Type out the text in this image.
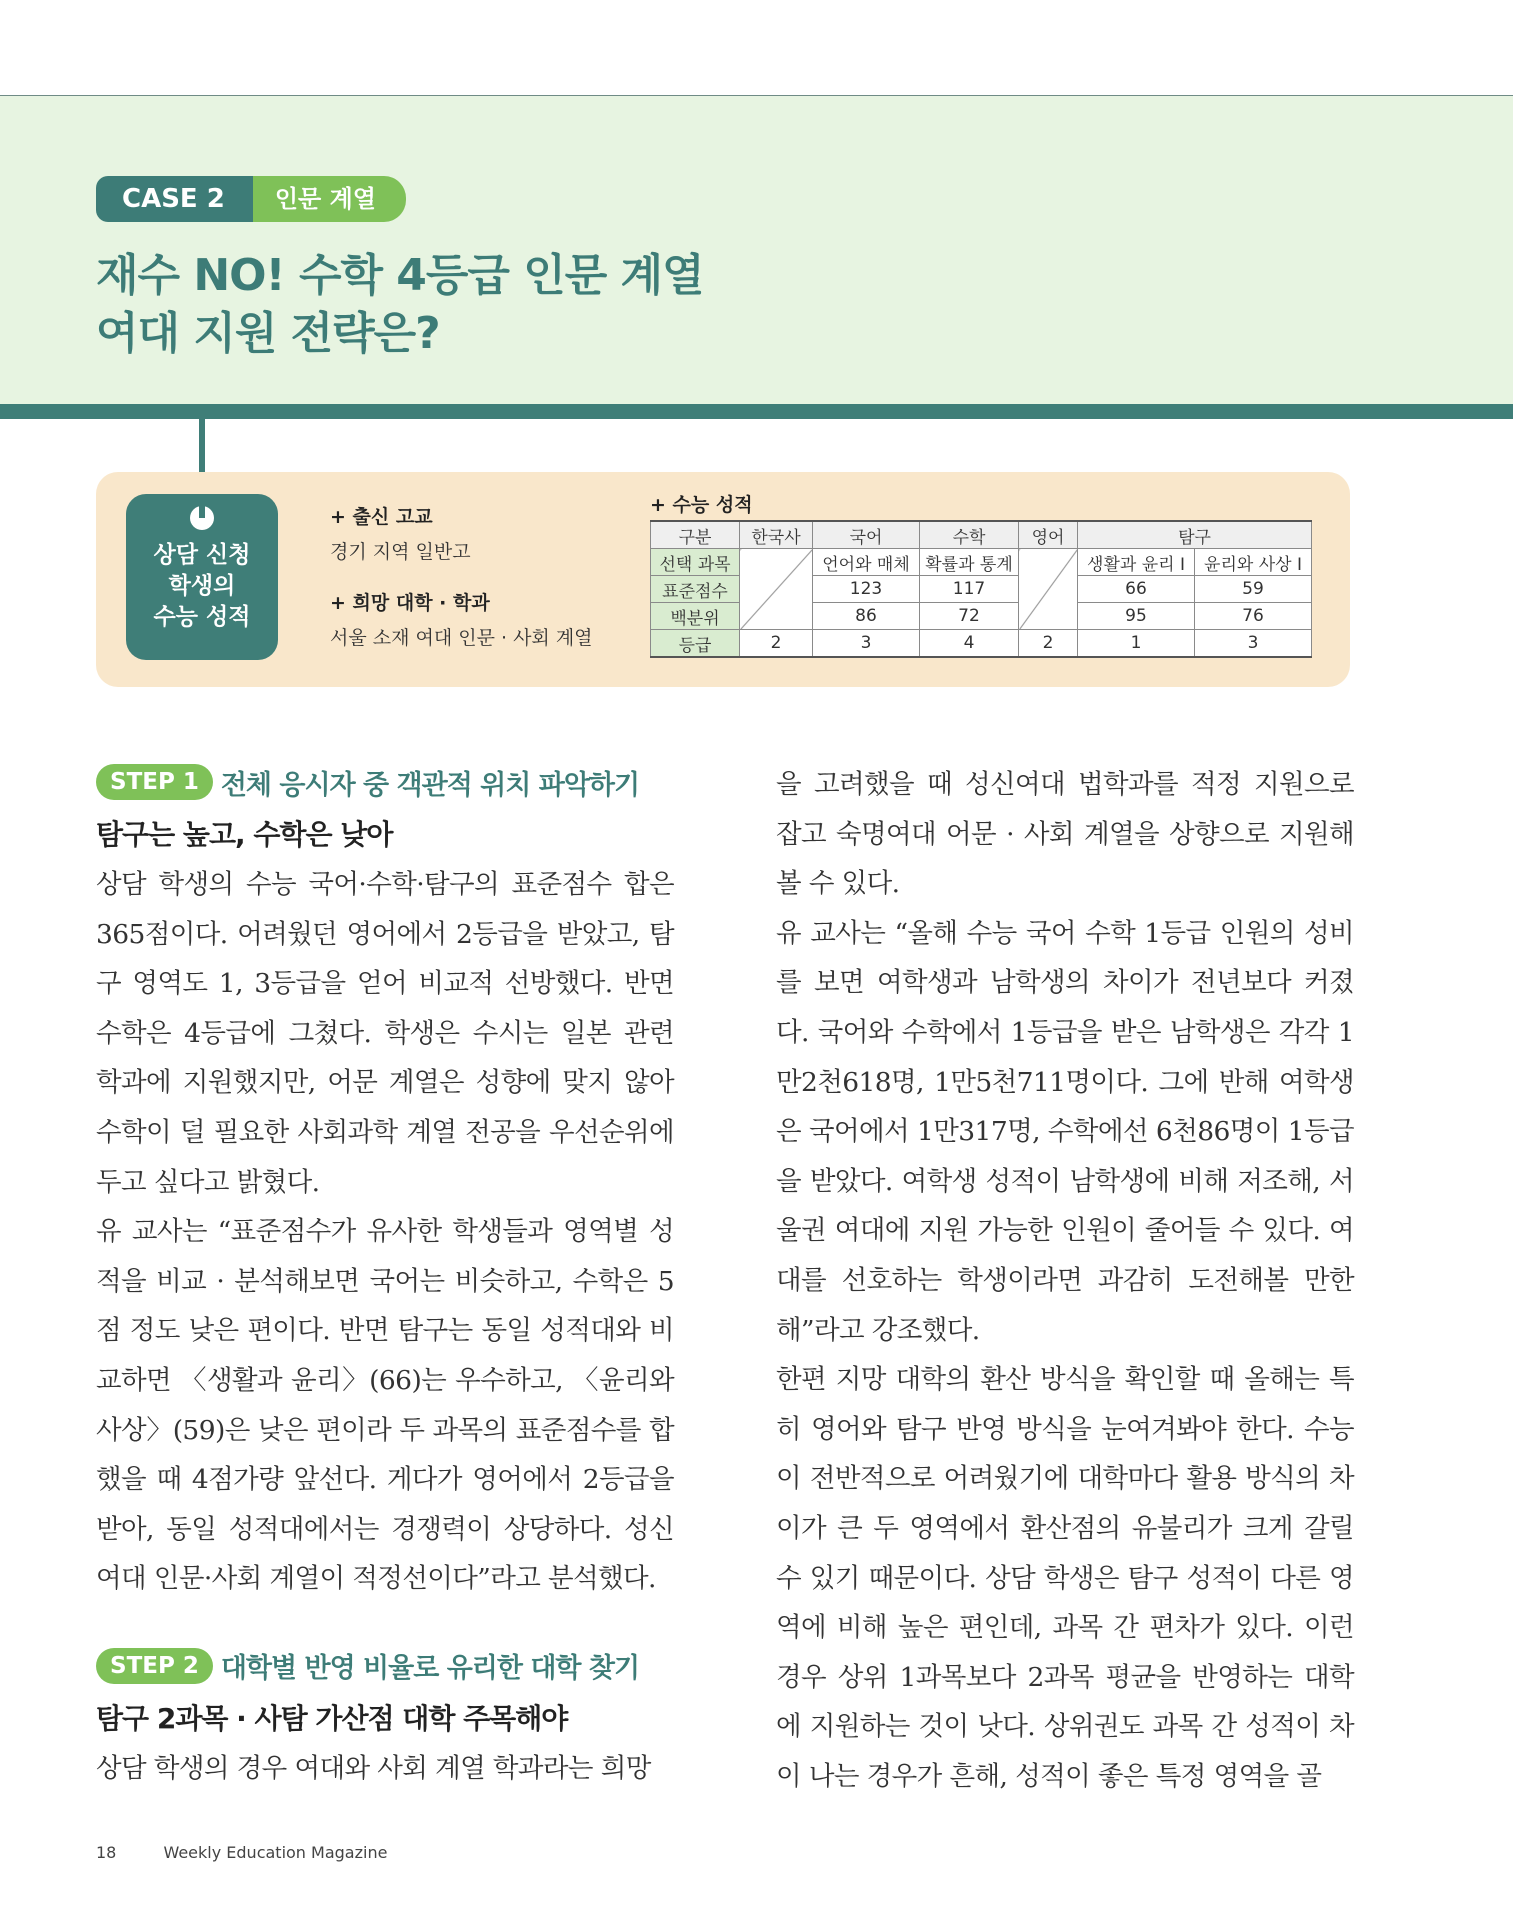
CASE 2	인문 계열
재수 NO! 수학 4등급 인문 계열
여대 지원 전략은?
상담 신청
학생의
수능 성적
+ 출신 고교
경기 지역 일반고
+ 희망 대학 · 학과
서울 소재 여대 인문 · 사회 계열
+ 수능 성적
구분	한국사	국어	수학	영어	탐구	
선택 과목		언어와 매체	확률과 통계		생활과 윤리 Ⅰ	윤리와 사상 Ⅰ
표준점수		123	117		66	59
백분위		86	72		95	76
등급	2	3	4	2	1	3
STEP 1 전체 응시자 중 객관적 위치 파악하기
탐구는 높고, 수학은 낮아
상담 학생의 수능 국어·수학·탐구의 표준점수 합은 365점이다. 어려웠던 영어에서 2등급을 받았고, 탐구 영역도 1, 3등급을 얻어 비교적 선방했다. 반면 수학은 4등급에 그쳤다. 학생은 수시는 일본 관련 학과에 지원했지만, 어문 계열은 성향에 맞지 않아 수학이 덜 필요한 사회과학 계열 전공을 우선순위에 두고 싶다고 밝혔다.
유 교사는 “표준점수가 유사한 학생들과 영역별 성적을 비교 · 분석해보면 국어는 비슷하고, 수학은 5점 정도 낮은 편이다. 반면 탐구는 동일 성적대와 비교하면 〈생활과 윤리〉(66)는 우수하고, 〈윤리와 사상〉(59)은 낮은 편이라 두 과목의 표준점수를 합했을 때 4점가량 앞선다. 게다가 영어에서 2등급을 받아, 동일 성적대에서는 경쟁력이 상당하다. 성신여대 인문·사회 계열이 적정선이다”라고 분석했다.
STEP 2 대학별 반영 비율로 유리한 대학 찾기
탐구 2과목 · 사탐 가산점 대학 주목해야
상담 학생의 경우 여대와 사회 계열 학과라는 희망
을 고려했을 때 성신여대 법학과를 적정 지원으로 잡고 숙명여대 어문 · 사회 계열을 상향으로 지원해 볼 수 있다.
유 교사는 “올해 수능 국어 수학 1등급 인원의 성비를 보면 여학생과 남학생의 차이가 전년보다 커졌다. 국어와 수학에서 1등급을 받은 남학생은 각각 1만2천618명, 1만5천711명이다. 그에 반해 여학생은 국어에서 1만317명, 수학에선 6천86명이 1등급을 받았다. 여학생 성적이 남학생에 비해 저조해, 서울권 여대에 지원 가능한 인원이 줄어들 수 있다. 여대를 선호하는 학생이라면 과감히 도전해볼 만한 해”라고 강조했다.
한편 지망 대학의 환산 방식을 확인할 때 올해는 특히 영어와 탐구 반영 방식을 눈여겨봐야 한다. 수능이 전반적으로 어려웠기에 대학마다 활용 방식의 차이가 큰 두 영역에서 환산점의 유불리가 크게 갈릴 수 있기 때문이다. 상담 학생은 탐구 성적이 다른 영역에 비해 높은 편인데, 과목 간 편차가 있다. 이런 경우 상위 1과목보다 2과목 평균을 반영하는 대학에 지원하는 것이 낫다. 상위권도 과목 간 성적이 차이 나는 경우가 흔해, 성적이 좋은 특정 영역을 골
18	Weekly Education Magazine
